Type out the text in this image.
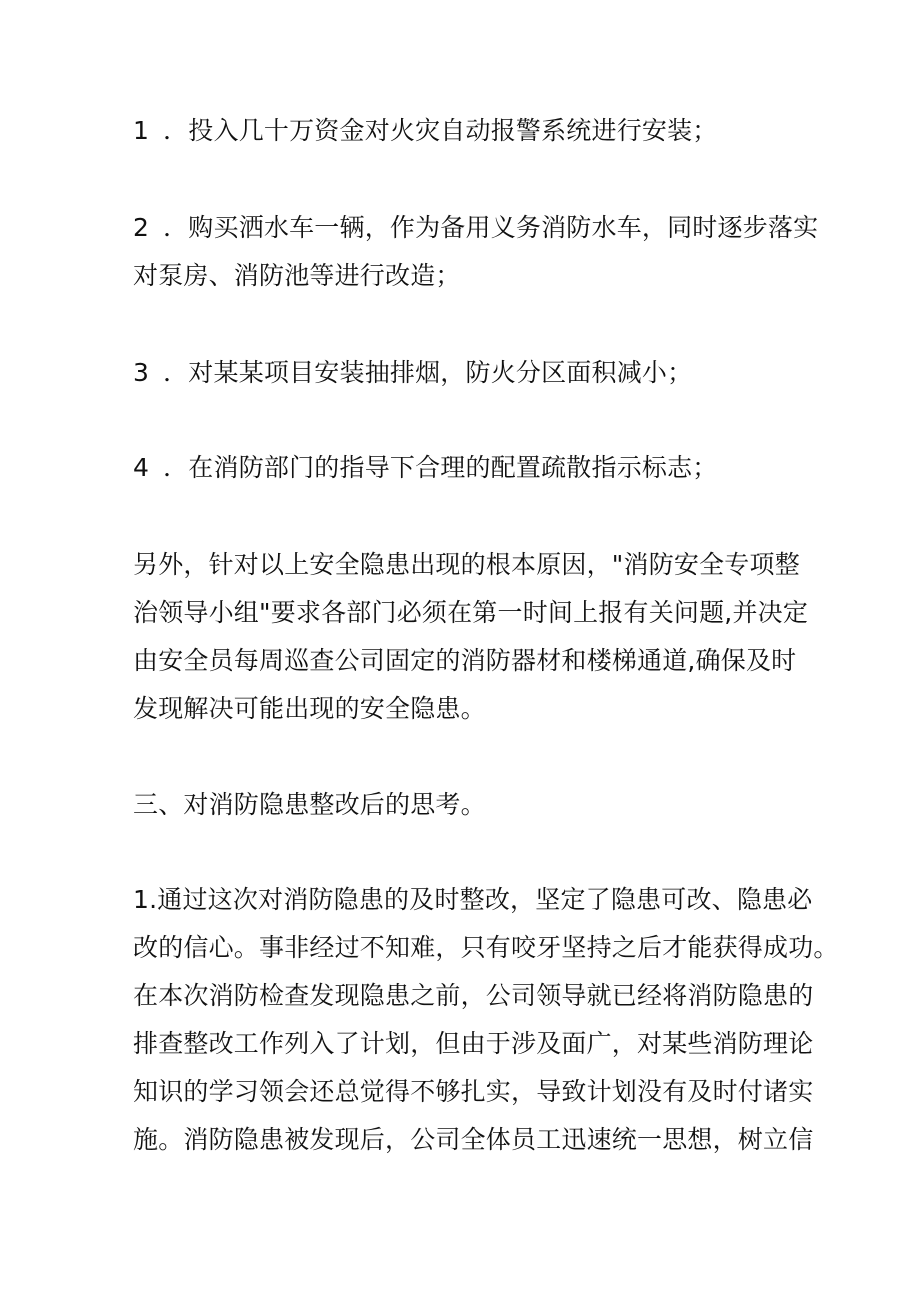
1 ．投入几十万资金对火灾自动报警系统进行安装；
2 ．购买洒水车一辆，作为备用义务消防水车，同时逐步落实
对泵房、消防池等进行改造；
3 ．对某某项目安装抽排烟，防火分区面积减小；
4 ．在消防部门的指导下合理的配置疏散指示标志；
另外，针对以上安全隐患出现的根本原因，"消防安全专项整
治领导小组"要求各部门必须在第一时间上报有关问题,并决定
由安全员每周巡查公司固定的消防器材和楼梯通道,确保及时
发现解决可能出现的安全隐患。
三、对消防隐患整改后的思考。
1.通过这次对消防隐患的及时整改，坚定了隐患可改、隐患必
改的信心。事非经过不知难，只有咬牙坚持之后才能获得成功。
在本次消防检查发现隐患之前，公司领导就已经将消防隐患的
排查整改工作列入了计划，但由于涉及面广，对某些消防理论
知识的学习领会还总觉得不够扎实，导致计划没有及时付诸实
施。消防隐患被发现后，公司全体员工迅速统一思想，树立信
